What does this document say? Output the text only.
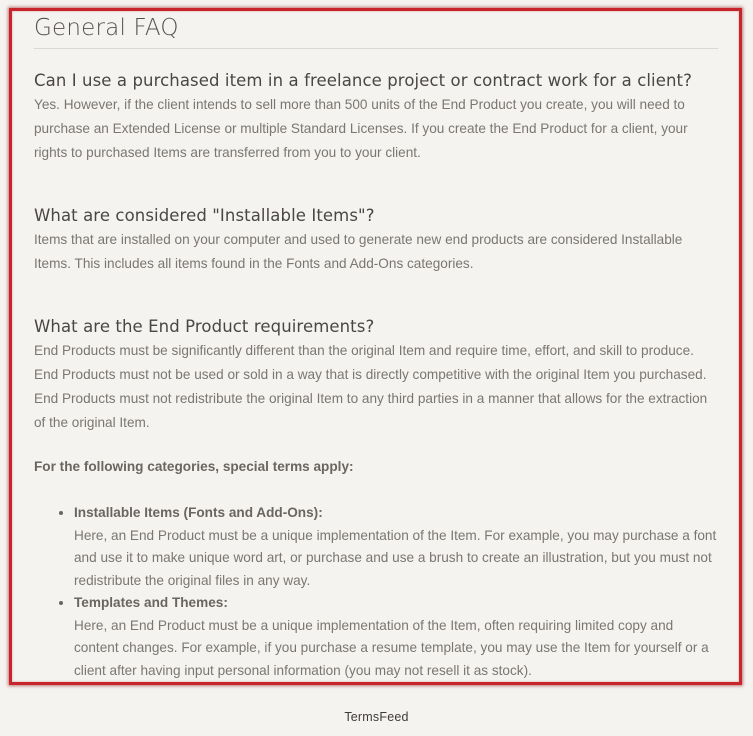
General FAQ
Can I use a purchased item in a freelance project or contract work for a client?

Yes. However, if the client intends to sell more than 500 units of the End Product you create, you will need to purchase an Extended License or multiple Standard Licenses. If you create the End Product for a client, your rights to purchased Items are transferred from you to your client.

What are considered "Installable Items"?

Items that are installed on your computer and used to generate new end products are considered Installable Items. This includes all items found in the Fonts and Add-Ons categories.

What are the End Product requirements?

End Products must be significantly different than the original Item and require time, effort, and skill to produce. End Products must not be used or sold in a way that is directly competitive with the original Item you purchased. End Products must not redistribute the original Item to any third parties in a manner that allows for the extraction of the original Item.

For the following categories, special terms apply:

• Installable Items (Fonts and Add-Ons):
Here, an End Product must be a unique implementation of the Item. For example, you may purchase a font and use it to make unique word art, or purchase and use a brush to create an illustration, but you must not redistribute the original files in any way.
• Templates and Themes:
Here, an End Product must be a unique implementation of the Item, often requiring limited copy and content changes. For example, if you purchase a resume template, you may use the Item for yourself or a client after having input personal information (you may not resell it as stock).
TermsFeed
